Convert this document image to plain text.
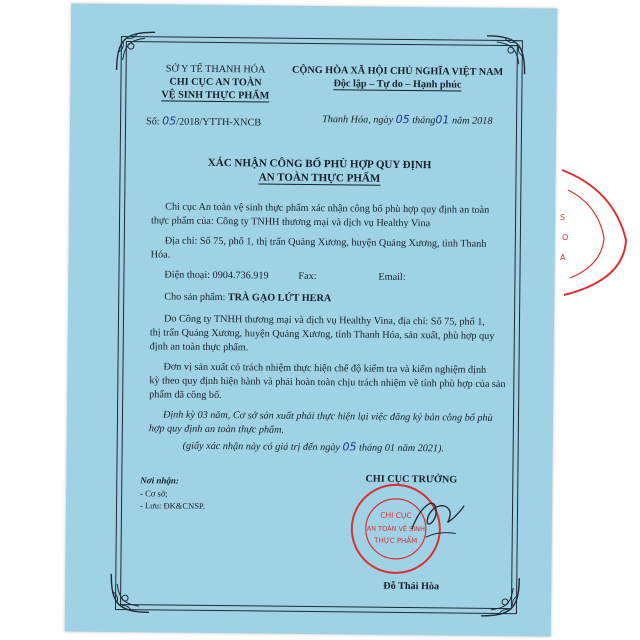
S
O
A
SỞ Y TẾ THANH HÓA
CHI CỤC AN TOÀN
VỆ SINH THỰC PHẨM
Số: 05/2018/YTTH-XNCB
CỘNG HÒA XÃ HỘI CHỦ NGHĨA VIỆT NAM
Độc lập – Tự do – Hạnh phúc
Thanh Hóa, ngày 05 tháng01 năm 2018
XÁC NHẬN CÔNG BỐ PHÙ HỢP QUY ĐỊNH
AN TOÀN THỰC PHẨM
Chi cục An toàn vệ sinh thực phẩm xác nhận công bố phù hợp quy định an toàn
thực phẩm của: Công ty TNHH thương mại và dịch vụ Healthy Vina
Địa chỉ: Số 75, phố 1, thị trấn Quảng Xương, huyện Quảng Xương, tỉnh Thanh
Hóa.
Điện thoại: 0904.736.919	Fax:	Email:
Cho sản phẩm: TRÀ GẠO LỨT HERA
Do Công ty TNHH thương mại và dịch vụ Healthy Vina, địa chỉ: Số 75, phố 1,
thị trấn Quảng Xương, huyện Quảng Xương, tỉnh Thanh Hóa, sản xuất, phù hợp quy
định an toàn thực phẩm.
Đơn vị sản xuất có trách nhiệm thực hiện chế độ kiểm tra và kiểm nghiệm định
kỳ theo quy định hiện hành và phải hoàn toàn chịu trách nhiệm về tính phù hợp của sản
phẩm đã công bố.
Định kỳ 03 năm, Cơ sở sản xuất phải thực hiện lại việc đăng ký bản công bố phù
hợp quy định an toàn thực phẩm.
(giấy xác nhận này có giá trị đến ngày 05 tháng 01 năm 2021).
Nơi nhận:
- Cơ sở;
- Lưu: ĐK&CNSP.
CHI CỤC TRƯỞNG
CHI CỤC
AN TOÀN VỆ SINH
THỰC PHẨM
Đỗ Thái Hòa
